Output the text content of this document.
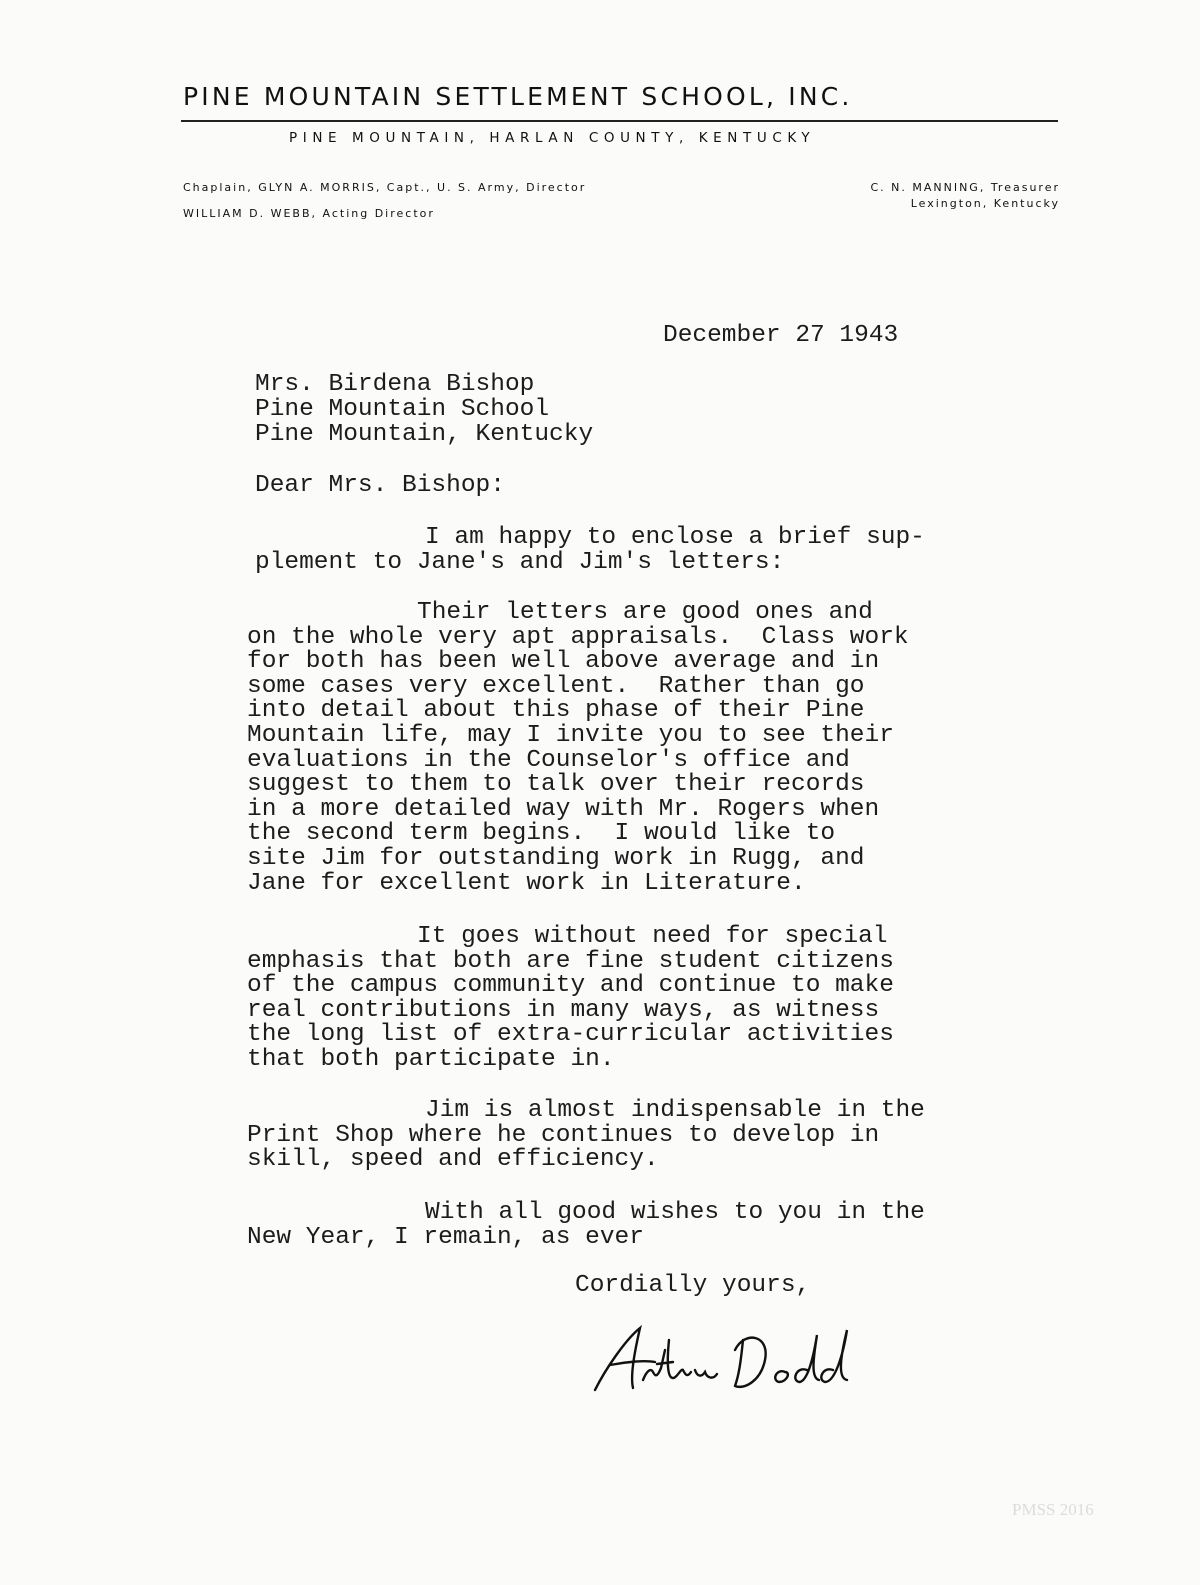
PINE MOUNTAIN SETTLEMENT SCHOOL, INC.
PINE MOUNTAIN, HARLAN COUNTY, KENTUCKY
Chaplain, GLYN A. MORRIS, Capt., U. S. Army, Director
WILLIAM D. WEBB, Acting Director
C. N. MANNING, Treasurer
Lexington, Kentucky
December 27 1943
Mrs. Birdena Bishop
Pine Mountain School
Pine Mountain, Kentucky
Dear Mrs. Bishop:
I am happy to enclose a brief sup-
plement to Jane's and Jim's letters:
Their letters are good ones and
on the whole very apt appraisals.  Class work
for both has been well above average and in
some cases very excellent.  Rather than go
into detail about this phase of their Pine
Mountain life, may I invite you to see their
evaluations in the Counselor's office and
suggest to them to talk over their records
in a more detailed way with Mr. Rogers when
the second term begins.  I would like to
site Jim for outstanding work in Rugg, and
Jane for excellent work in Literature.
It goes without need for special
emphasis that both are fine student citizens
of the campus community and continue to make
real contributions in many ways, as witness
the long list of extra-curricular activities
that both participate in.
Jim is almost indispensable in the
Print Shop where he continues to develop in
skill, speed and efficiency.
With all good wishes to you in the
New Year, I remain, as ever
Cordially yours,
PMSS 2016
